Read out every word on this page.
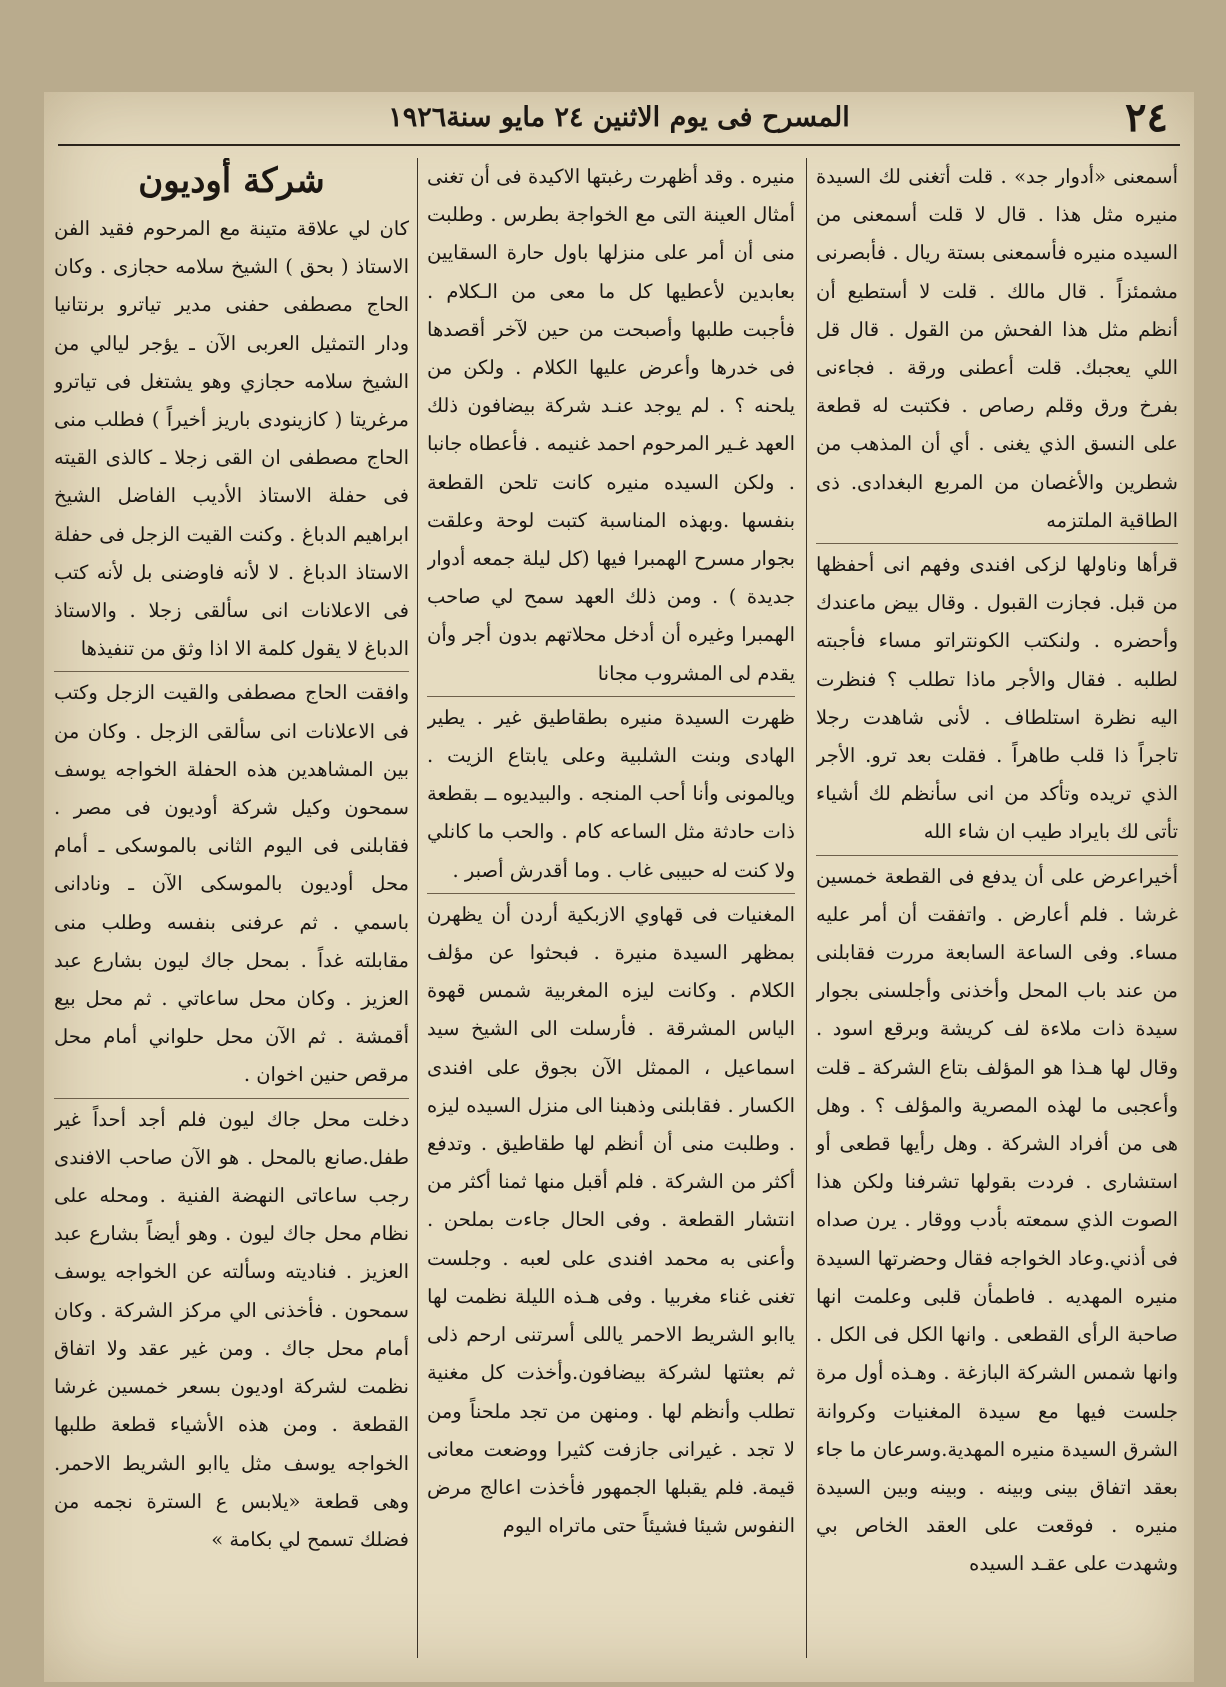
٢٤
المسرح فى يوم الاثنين ٢٤ مايو سنة١٩٢٦

أسمعنى «أدوار جد» . قلت أتغنى لك السيدة منيره مثل هذا . قال لا قلت أسمعنى من السيده منيره فأسمعنى بستة ريال . فأبصرنى مشمئزاً . قال مالك . قلت لا أستطيع أن أنظم مثل هذا الفحش من القول . قال قل اللي يعجبك. قلت أعطنى ورقة . فجاءنى بفرخ ورق وقلم رصاص . فكتبت له قطعة على النسق الذي يغنى . أي أن المذهب من شطرين والأغصان من المربع البغدادى. ذى الطاقية الملتزمه

قرأها وناولها لزكى افندى وفهم انى أحفظها من قبل. فجازت القبول . وقال بيض ماعندك وأحضره . ولنكتب الكونتراتو مساء فأجبته لطلبه . فقال والأجر ماذا تطلب ؟ فنظرت اليه نظرة استلطاف . لأنى شاهدت رجلا تاجراً ذا قلب طاهراً . فقلت بعد ترو. الأجر الذي تريده وتأكد من انى سأنظم لك أشياء تأتى لك بايراد طيب ان شاء الله

أخيراعرض على أن يدفع فى القطعة خمسين غرشا . فلم أعارض . واتفقت أن أمر عليه مساء. وفى الساعة السابعة مررت فقابلنى من عند باب المحل وأخذنى وأجلسنى بجوار سيدة ذات ملاءة لف كريشة وبرقع اسود . وقال لها هـذا هو المؤلف بتاع الشركة ـ قلت وأعجبى ما لهذه المصرية والمؤلف ؟ . وهل هى من أفراد الشركة . وهل رأيها قطعى أو استشارى . فردت بقولها تشرفنا ولكن هذا الصوت الذي سمعته بأدب ووقار . يرن صداه فى أذني.وعاد الخواجه فقال وحضرتها السيدة منيره المهديه . فاطمأن قلبى وعلمت انها صاحبة الرأى القطعى . وانها الكل فى الكل . وانها شمس الشركة البازغة . وهـذه أول مرة جلست فيها مع سيدة المغنيات وكروانة الشرق السيدة منيره المهدية.وسرعان ما جاء بعقد اتفاق بينى وبينه . وبينه وبين السيدة منيره . فوقعت على العقد الخاص بي وشهدت على عقـد السيده

منيره . وقد أظهرت رغبتها الاكيدة فى أن تغنى أمثال العينة التى مع الخواجة بطرس . وطلبت منى أن أمر على منزلها باول حارة السقايين بعابدين لأعطيها كل ما معى من الـكلام . فأجبت طلبها وأصبحت من حين لآخر أقصدها فى خدرها وأعرض عليها الكلام . ولكن من يلحنه ؟ . لم يوجد عنـد شركة بيضافون ذلك العهد غـير المرحوم احمد غنيمه . فأعطاه جانبا . ولكن السيده منيره كانت تلحن القطعة بنفسها .وبهذه المناسبة كتبت لوحة وعلقت بجوار مسرح الهمبرا فيها (كل ليلة جمعه أدوار جديدة ) . ومن ذلك العهد سمح لي صاحب الهمبرا وغيره أن أدخل محلاتهم بدون أجر وأن يقدم لى المشروب مجانا

ظهرت السيدة منيره بطقاطيق غير . يطير الهادى وبنت الشلبية وعلى يابتاع الزيت . ويالمونى وأنا أحب المنجه . والبيديوه ــ بقطعة ذات حادثة مثل الساعه كام . والحب ما كانلي ولا كنت له حبيبى غاب . وما أقدرش أصبر .

المغنيات فى قهاوي الازبكية أردن أن يظهرن بمظهر السيدة منيرة . فبحثوا عن مؤلف الكلام . وكانت ليزه المغربية شمس قهوة الياس المشرقة . فأرسلت الى الشيخ سيد اسماعيل ، الممثل الآن بجوق على افندى الكسار . فقابلنى وذهبنا الى منزل السيده ليزه . وطلبت منى أن أنظم لها طقاطيق . وتدفع أكثر من الشركة . فلم أقبل منها ثمنا أكثر من انتشار القطعة . وفى الحال جاءت بملحن . وأعنى به محمد افندى على لعبه . وجلست تغنى غناء مغربيا . وفى هـذه الليلة نظمت لها ياابو الشريط الاحمر ياللى أسرتنى ارحم ذلى ثم بعثتها لشركة بيضافون.وأخذت كل مغنية تطلب وأنظم لها . ومنهن من تجد ملحناً ومن لا تجد . غيرانى جازفت كثيرا ووضعت معانى قيمة. فلم يقبلها الجمهور فأخذت اعالج مرض النفوس شيئا فشيئاً حتى ماتراه اليوم

شركة أوديون

كان لي علاقة متينة مع المرحوم فقيد الفن الاستاذ ( بحق ) الشيخ سلامه حجازى . وكان الحاج مصطفى حفنى مدير تياترو برنتانيا ودار التمثيل العربى الآن ـ يؤجر ليالي من الشيخ سلامه حجازي وهو يشتغل فى تياترو مرغريتا ( كازينودى باريز أخيراً ) فطلب منى الحاج مصطفى ان القى زجلا ـ كالذى القيته فى حفلة الاستاذ الأديب الفاضل الشيخ ابراهيم الدباغ . وكنت القيت الزجل فى حفلة الاستاذ الدباغ . لا لأنه فاوضنى بل لأنه كتب فى الاعلانات انى سألقى زجلا . والاستاذ الدباغ لا يقول كلمة الا اذا وثق من تنفيذها

وافقت الحاج مصطفى والقيت الزجل وكتب فى الاعلانات انى سألقى الزجل . وكان من بين المشاهدين هذه الحفلة الخواجه يوسف سمحون وكيل شركة أوديون فى مصر . فقابلنى فى اليوم الثانى بالموسكى ـ أمام محل أوديون بالموسكى الآن ـ ونادانى باسمي . ثم عرفنى بنفسه وطلب منى مقابلته غداً . بمحل جاك ليون بشارع عبد العزيز . وكان محل ساعاتي . ثم محل بيع أقمشة . ثم الآن محل حلواني أمام محل مرقص حنين اخوان .

دخلت محل جاك ليون فلم أجد أحداً غير طفل.صانع بالمحل . هو الآن صاحب الافندى رجب ساعاتى النهضة الفنية . ومحله على نظام محل جاك ليون . وهو أيضاً بشارع عبد العزيز . فناديته وسألته عن الخواجه يوسف سمحون . فأخذنى الي مركز الشركة . وكان أمام محل جاك . ومن غير عقد ولا اتفاق نظمت لشركة اوديون بسعر خمسين غرشا القطعة . ومن هذه الأشياء قطعة طلبها الخواجه يوسف مثل ياابو الشريط الاحمر. وهى قطعة «يلابس ع السترة نجمه من فضلك تسمح لي بكامة »
